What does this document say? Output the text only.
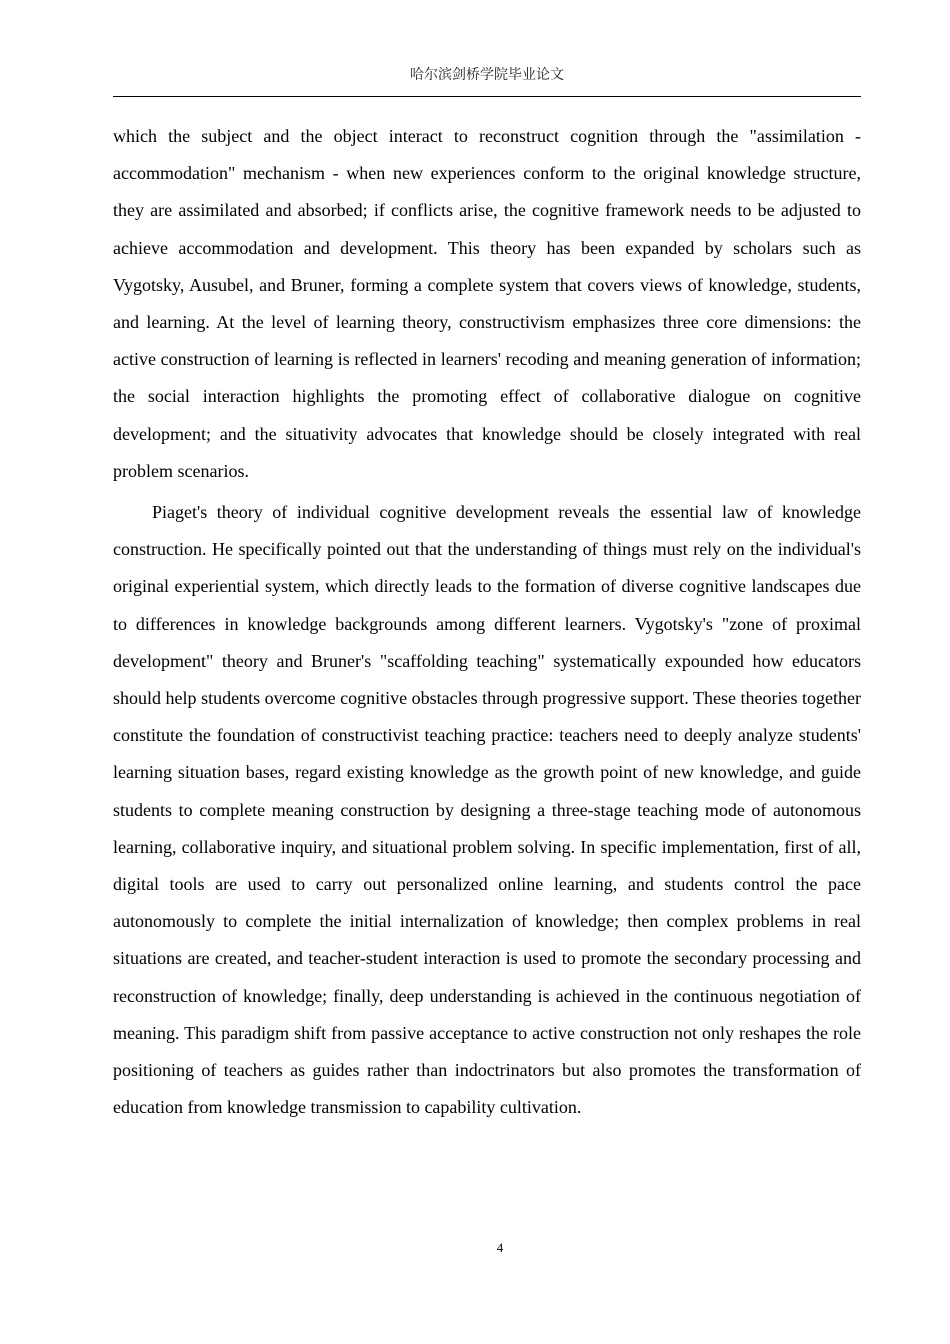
哈尔滨剑桥学院毕业论文

which the subject and the object interact to reconstruct cognition through the "assimilation - accommodation" mechanism - when new experiences conform to the original knowledge structure, they are assimilated and absorbed; if conflicts arise, the cognitive framework needs to be adjusted to achieve accommodation and development. This theory has been expanded by scholars such as Vygotsky, Ausubel, and Bruner, forming a complete system that covers views of knowledge, students, and learning. At the level of learning theory, constructivism emphasizes three core dimensions: the active construction of learning is reflected in learners' recoding and meaning generation of information; the social interaction highlights the promoting effect of collaborative dialogue on cognitive development; and the situativity advocates that knowledge should be closely integrated with real problem scenarios.

Piaget's theory of individual cognitive development reveals the essential law of knowledge construction. He specifically pointed out that the understanding of things must rely on the individual's original experiential system, which directly leads to the formation of diverse cognitive landscapes due to differences in knowledge backgrounds among different learners. Vygotsky's "zone of proximal development" theory and Bruner's "scaffolding teaching" systematically expounded how educators should help students overcome cognitive obstacles through progressive support. These theories together constitute the foundation of constructivist teaching practice: teachers need to deeply analyze students' learning situation bases, regard existing knowledge as the growth point of new knowledge, and guide students to complete meaning construction by designing a three-stage teaching mode of autonomous learning, collaborative inquiry, and situational problem solving. In specific implementation, first of all, digital tools are used to carry out personalized online learning, and students control the pace autonomously to complete the initial internalization of knowledge; then complex problems in real situations are created, and teacher-student interaction is used to promote the secondary processing and reconstruction of knowledge; finally, deep understanding is achieved in the continuous negotiation of meaning. This paradigm shift from passive acceptance to active construction not only reshapes the role positioning of teachers as guides rather than indoctrinators but also promotes the transformation of education from knowledge transmission to capability cultivation.

4
